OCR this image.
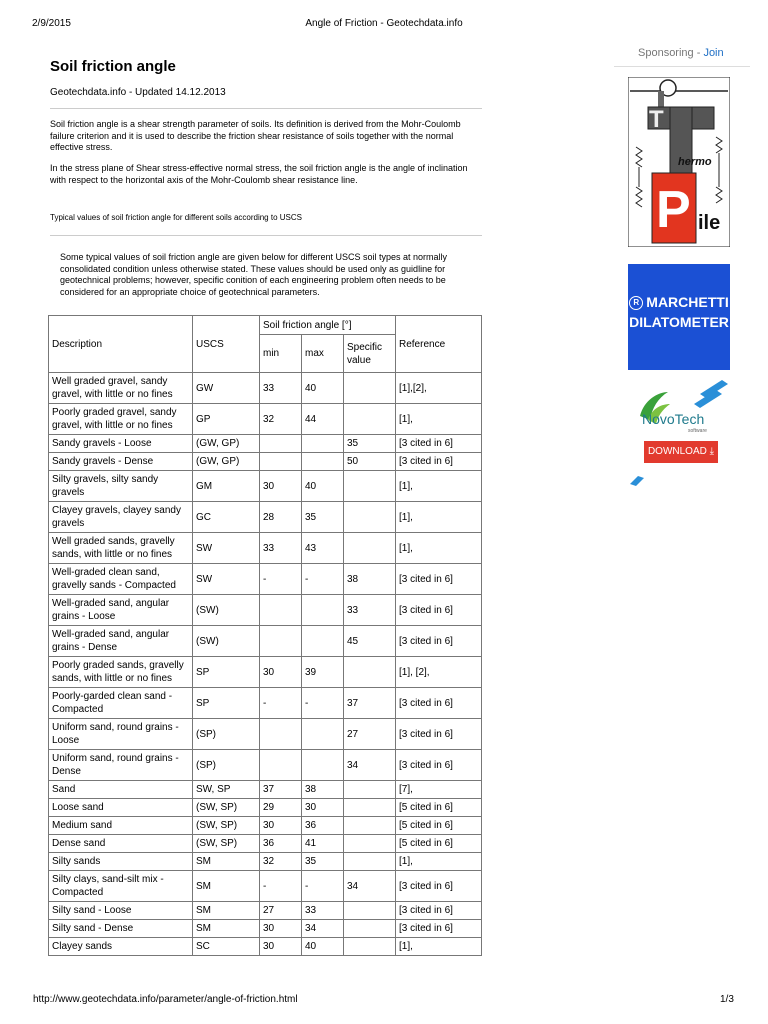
2/9/2015	Angle of Friction - Geotechdata.info
Soil friction angle
Geotechdata.info - Updated 14.12.2013
Soil friction angle is a shear strength parameter of soils. Its definition is derived from the Mohr-Coulomb failure criterion and it is used to describe the friction shear resistance of soils together with the normal effective stress.
In the stress plane of Shear stress-effective normal stress, the soil friction angle is the angle of inclination with respect to the horizontal axis of the Mohr-Coulomb shear resistance line.
Typical values of soil friction angle for different soils according to USCS
Some typical values of soil friction angle are given below for different USCS soil types at normally consolidated condition unless otherwise stated. These values should be used only as guidline for geotechnical problems; however, specific conition of each engineering problem often needs to be considered for an appropriate choice of geotechnical parameters.
Description	USCS	Soil friction angle [°]			Reference
		min	max	Specific value	
Well graded gravel, sandy gravel, with little or no fines	GW	33	40		[1],[2],
Poorly graded gravel, sandy gravel, with little or no fines	GP	32	44		[1],
Sandy gravels - Loose	(GW, GP)			35	[3 cited in 6]
Sandy gravels - Dense	(GW, GP)			50	[3 cited in 6]
Silty gravels, silty sandy gravels	GM	30	40		[1],
Clayey gravels, clayey sandy gravels	GC	28	35		[1],
Well graded sands, gravelly sands, with little or no fines	SW	33	43		[1],
Well-graded clean sand, gravelly sands - Compacted	SW	-	-	38	[3 cited in 6]
Well-graded sand, angular grains - Loose	(SW)			33	[3 cited in 6]
Well-graded sand, angular grains - Dense	(SW)			45	[3 cited in 6]
Poorly graded sands, gravelly sands, with little or no fines	SP	30	39		[1], [2],
Poorly-garded clean sand - Compacted	SP	-	-	37	[3 cited in 6]
Uniform sand, round grains - Loose	(SP)			27	[3 cited in 6]
Uniform sand, round grains - Dense	(SP)			34	[3 cited in 6]
Sand	SW, SP	37	38		[7],
Loose sand	(SW, SP)	29	30		[5 cited in 6]
Medium sand	(SW, SP)	30	36		[5 cited in 6]
Dense sand	(SW, SP)	36	41		[5 cited in 6]
Silty sands	SM	32	35		[1],
Silty clays, sand-silt mix - Compacted	SM	-	-	34	[3 cited in 6]
Silty sand - Loose	SM	27	33		[3 cited in 6]
Silty sand - Dense	SM	30	34		[3 cited in 6]
Clayey sands	SC	30	40		[1],
Sponsoring - Join
T
hermo
P ile
R MARCHETTI
DILATOMETER
NovoTech
software
DOWNLOAD ⤓
http://www.geotechdata.info/parameter/angle-of-friction.html	1/3
